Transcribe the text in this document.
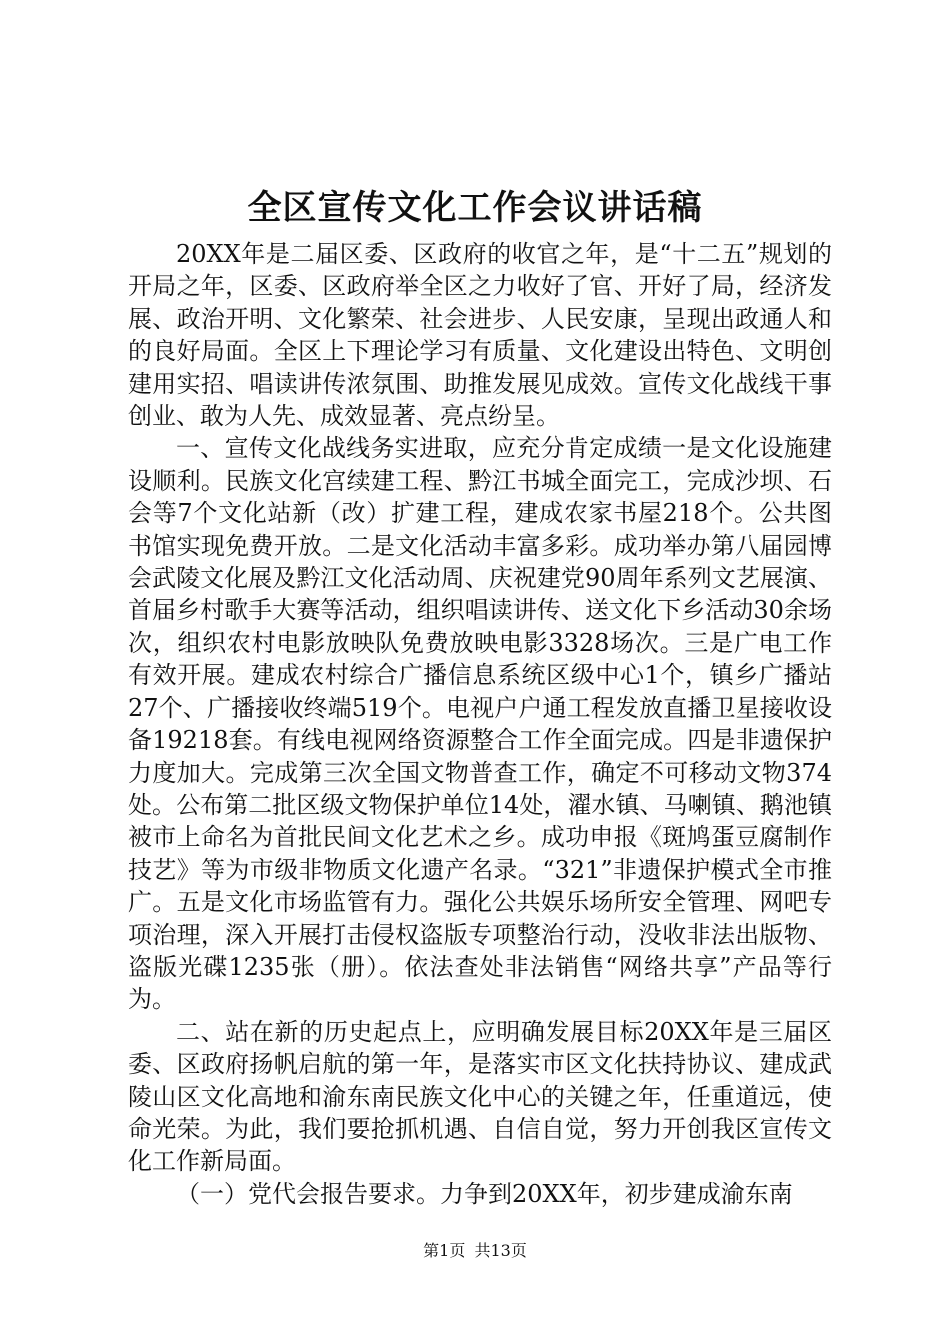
全区宣传文化工作会议讲话稿

20XX年是二届区委、区政府的收官之年，是“十二五”规划的开局之年，区委、区政府举全区之力收好了官、开好了局，经济发展、政治开明、文化繁荣、社会进步、人民安康，呈现出政通人和的良好局面。全区上下理论学习有质量、文化建设出特色、文明创建用实招、唱读讲传浓氛围、助推发展见成效。宣传文化战线干事创业、敢为人先、成效显著、亮点纷呈。

一、宣传文化战线务实进取，应充分肯定成绩一是文化设施建设顺利。民族文化宫续建工程、黔江书城全面完工，完成沙坝、石会等7个文化站新（改）扩建工程，建成农家书屋218个。公共图书馆实现免费开放。二是文化活动丰富多彩。成功举办第八届园博会武陵文化展及黔江文化活动周、庆祝建党90周年系列文艺展演、首届乡村歌手大赛等活动，组织唱读讲传、送文化下乡活动30余场次，组织农村电影放映队免费放映电影3328场次。三是广电工作有效开展。建成农村综合广播信息系统区级中心1个，镇乡广播站27个、广播接收终端519个。电视户户通工程发放直播卫星接收设备19218套。有线电视网络资源整合工作全面完成。四是非遗保护力度加大。完成第三次全国文物普查工作，确定不可移动文物374处。公布第二批区级文物保护单位14处，濯水镇、马喇镇、鹅池镇被市上命名为首批民间文化艺术之乡。成功申报《斑鸠蛋豆腐制作技艺》等为市级非物质文化遗产名录。“321”非遗保护模式全市推广。五是文化市场监管有力。强化公共娱乐场所安全管理、网吧专项治理，深入开展打击侵权盗版专项整治行动，没收非法出版物、盗版光碟1235张（册）。依法查处非法销售“网络共享”产品等行为。

二、站在新的历史起点上，应明确发展目标20XX年是三届区委、区政府扬帆启航的第一年，是落实市区文化扶持协议、建成武陵山区文化高地和渝东南民族文化中心的关键之年，任重道远，使命光荣。为此，我们要抢抓机遇、自信自觉，努力开创我区宣传文化工作新局面。

（一）党代会报告要求。力争到20XX年，初步建成渝东南

第1页 共13页
